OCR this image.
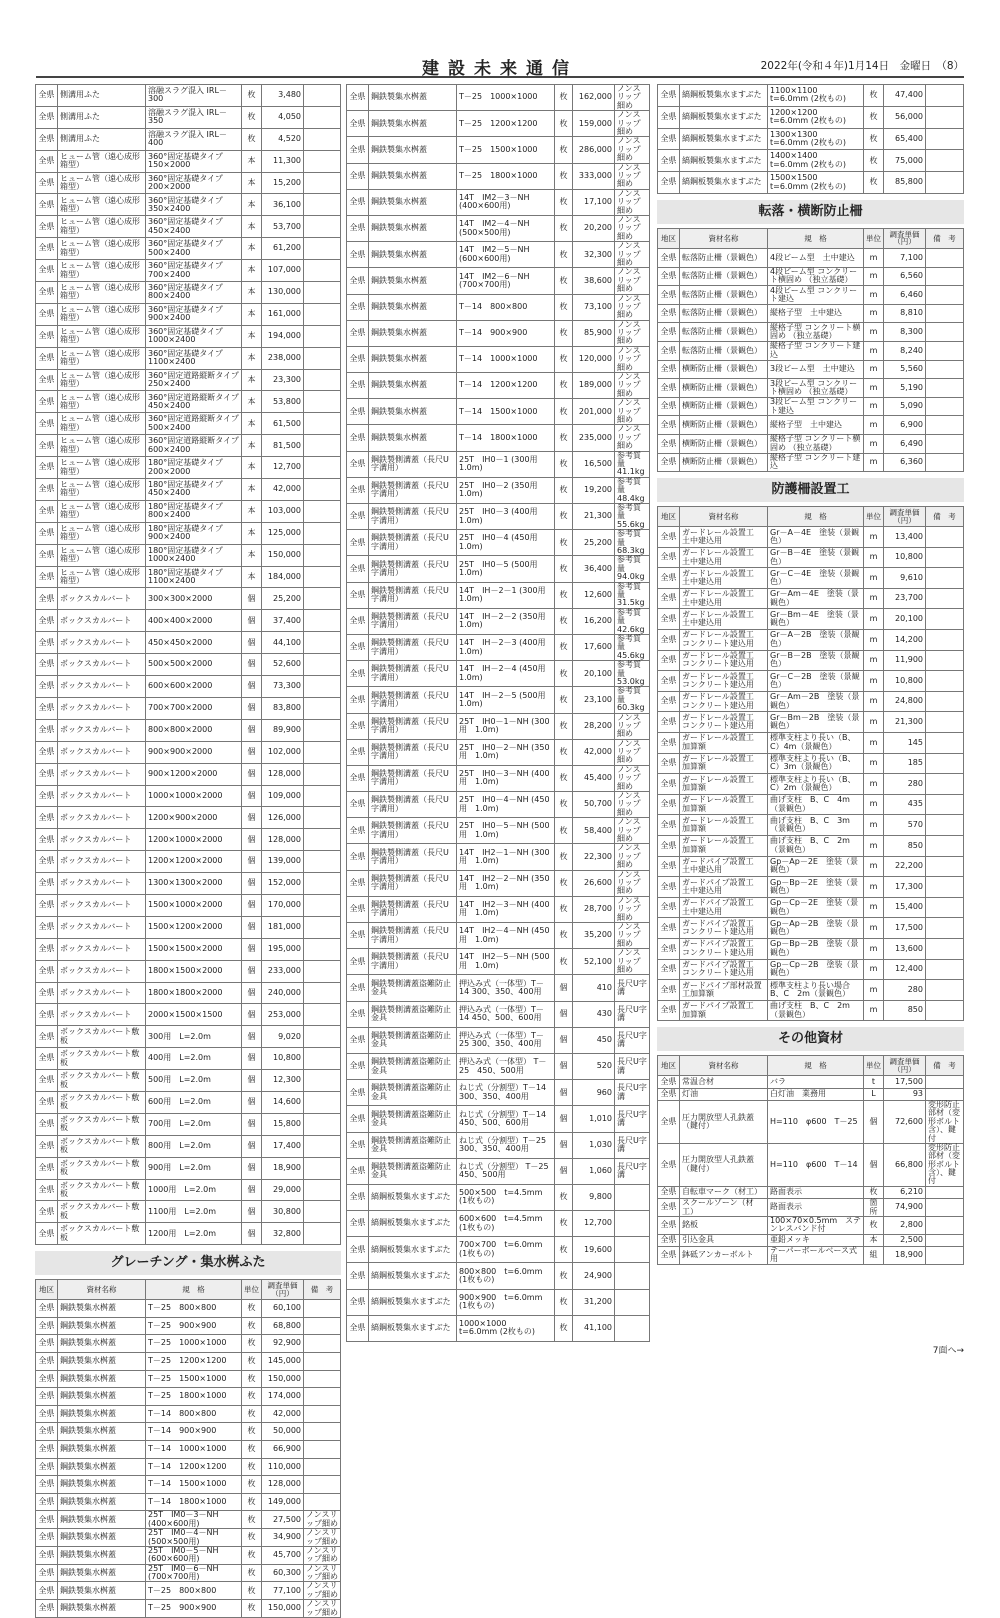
建設未来通信	2022年(令和４年)1月14日　金曜日　（8）
全県	側溝用ふた	溶融スラグ混入 IRL－300	枚	3,480	
全県	側溝用ふた	溶融スラグ混入 IRL－350	枚	4,050	
全県	側溝用ふた	溶融スラグ混入 IRL－400	枚	4,520	
全県	ヒューム管（遠心成形箱型）	360°固定基礎タイプ 150×2000	本	11,300	
全県	ヒューム管（遠心成形箱型）	360°固定基礎タイプ 200×2000	本	15,200	
全県	ヒューム管（遠心成形箱型）	360°固定基礎タイプ 350×2400	本	36,100	
全県	ヒューム管（遠心成形箱型）	360°固定基礎タイプ 450×2400	本	53,700	
全県	ヒューム管（遠心成形箱型）	360°固定基礎タイプ 500×2400	本	61,200	
全県	ヒューム管（遠心成形箱型）	360°固定基礎タイプ 700×2400	本	107,000	
全県	ヒューム管（遠心成形箱型）	360°固定基礎タイプ 800×2400	本	130,000	
全県	ヒューム管（遠心成形箱型）	360°固定基礎タイプ 900×2400	本	161,000	
全県	ヒューム管（遠心成形箱型）	360°固定基礎タイプ 1000×2400	本	194,000	
全県	ヒューム管（遠心成形箱型）	360°固定基礎タイプ 1100×2400	本	238,000	
全県	ヒューム管（遠心成形箱型）	360°固定道路縦断タイプ 250×2400	本	23,300	
全県	ヒューム管（遠心成形箱型）	360°固定道路縦断タイプ 450×2400	本	53,800	
全県	ヒューム管（遠心成形箱型）	360°固定道路縦断タイプ 500×2400	本	61,500	
全県	ヒューム管（遠心成形箱型）	360°固定道路縦断タイプ 600×2400	本	81,500	
全県	ヒューム管（遠心成形箱型）	180°固定基礎タイプ 200×2000	本	12,700	
全県	ヒューム管（遠心成形箱型）	180°固定基礎タイプ 450×2400	本	42,000	
全県	ヒューム管（遠心成形箱型）	180°固定基礎タイプ 800×2400	本	103,000	
全県	ヒューム管（遠心成形箱型）	180°固定基礎タイプ 900×2400	本	125,000	
全県	ヒューム管（遠心成形箱型）	180°固定基礎タイプ 1000×2400	本	150,000	
全県	ヒューム管（遠心成形箱型）	180°固定基礎タイプ 1100×2400	本	184,000	
全県	ボックスカルバート	300×300×2000	個	25,200	
全県	ボックスカルバート	400×400×2000	個	37,400	
全県	ボックスカルバート	450×450×2000	個	44,100	
全県	ボックスカルバート	500×500×2000	個	52,600	
全県	ボックスカルバート	600×600×2000	個	73,300	
全県	ボックスカルバート	700×700×2000	個	83,800	
全県	ボックスカルバート	800×800×2000	個	89,900	
全県	ボックスカルバート	900×900×2000	個	102,000	
全県	ボックスカルバート	900×1200×2000	個	128,000	
全県	ボックスカルバート	1000×1000×2000	個	109,000	
全県	ボックスカルバート	1200×900×2000	個	126,000	
全県	ボックスカルバート	1200×1000×2000	個	128,000	
全県	ボックスカルバート	1200×1200×2000	個	139,000	
全県	ボックスカルバート	1300×1300×2000	個	152,000	
全県	ボックスカルバート	1500×1000×2000	個	170,000	
全県	ボックスカルバート	1500×1200×2000	個	181,000	
全県	ボックスカルバート	1500×1500×2000	個	195,000	
全県	ボックスカルバート	1800×1500×2000	個	233,000	
全県	ボックスカルバート	1800×1800×2000	個	240,000	
全県	ボックスカルバート	2000×1500×1500	個	253,000	
全県	ボックスカルバート敷板	300用　L=2.0m	個	9,020	
全県	ボックスカルバート敷板	400用　L=2.0m	個	10,800	
全県	ボックスカルバート敷板	500用　L=2.0m	個	12,300	
全県	ボックスカルバート敷板	600用　L=2.0m	個	14,600	
全県	ボックスカルバート敷板	700用　L=2.0m	個	15,800	
全県	ボックスカルバート敷板	800用　L=2.0m	個	17,400	
全県	ボックスカルバート敷板	900用　L=2.0m	個	18,900	
全県	ボックスカルバート敷板	1000用　L=2.0m	個	29,000	
全県	ボックスカルバート敷板	1100用　L=2.0m	個	30,800	
全県	ボックスカルバート敷板	1200用　L=2.0m	個	32,800	
グレーチング・集水桝ふた
地区	資材名称	規　格	単位	調査単価（円）	備　考
全県	鋼鉄製集水桝蓋	T－25　800×800	枚	60,100	
全県	鋼鉄製集水桝蓋	T－25　900×900	枚	68,800	
全県	鋼鉄製集水桝蓋	T－25　1000×1000	枚	92,900	
全県	鋼鉄製集水桝蓋	T－25　1200×1200	枚	145,000	
全県	鋼鉄製集水桝蓋	T－25　1500×1000	枚	150,000	
全県	鋼鉄製集水桝蓋	T－25　1800×1000	枚	174,000	
全県	鋼鉄製集水桝蓋	T－14　800×800	枚	42,000	
全県	鋼鉄製集水桝蓋	T－14　900×900	枚	50,000	
全県	鋼鉄製集水桝蓋	T－14　1000×1000	枚	66,900	
全県	鋼鉄製集水桝蓋	T－14　1200×1200	枚	110,000	
全県	鋼鉄製集水桝蓋	T－14　1500×1000	枚	128,000	
全県	鋼鉄製集水桝蓋	T－14　1800×1000	枚	149,000	
全県	鋼鉄製集水桝蓋	25T　IM0－3－NH (400×600用)	枚	27,500	ノンスリップ細め
全県	鋼鉄製集水桝蓋	25T　IM0－4－NH (500×500用)	枚	34,900	ノンスリップ細め
全県	鋼鉄製集水桝蓋	25T　IM0－5－NH (600×600用)	枚	45,700	ノンスリップ細め
全県	鋼鉄製集水桝蓋	25T　IM0－6－NH (700×700用)	枚	60,300	ノンスリップ細め
全県	鋼鉄製集水桝蓋	T－25　800×800	枚	77,100	ノンスリップ細め
全県	鋼鉄製集水桝蓋	T－25　900×900	枚	150,000	ノンスリップ細め
全県	鋼鉄製集水桝蓋	T－25　1000×1000	枚	162,000	ノンスリップ細め
全県	鋼鉄製集水桝蓋	T－25　1200×1200	枚	159,000	ノンスリップ細め
全県	鋼鉄製集水桝蓋	T－25　1500×1000	枚	286,000	ノンスリップ細め
全県	鋼鉄製集水桝蓋	T－25　1800×1000	枚	333,000	ノンスリップ細め
全県	鋼鉄製集水桝蓋	14T　IM2－3－NH (400×600用)	枚	17,100	ノンスリップ細め
全県	鋼鉄製集水桝蓋	14T　IM2－4－NH (500×500用)	枚	20,200	ノンスリップ細め
全県	鋼鉄製集水桝蓋	14T　IM2－5－NH (600×600用)	枚	32,300	ノンスリップ細め
全県	鋼鉄製集水桝蓋	14T　IM2－6－NH (700×700用)	枚	38,600	ノンスリップ細め
全県	鋼鉄製集水桝蓋	T－14　800×800	枚	73,100	ノンスリップ細め
全県	鋼鉄製集水桝蓋	T－14　900×900	枚	85,900	ノンスリップ細め
全県	鋼鉄製集水桝蓋	T－14　1000×1000	枚	120,000	ノンスリップ細め
全県	鋼鉄製集水桝蓋	T－14　1200×1200	枚	189,000	ノンスリップ細め
全県	鋼鉄製集水桝蓋	T－14　1500×1000	枚	201,000	ノンスリップ細め
全県	鋼鉄製集水桝蓋	T－14　1800×1000	枚	235,000	ノンスリップ細め
全県	鋼鉄製側溝蓋（長尺U字溝用）	25T　IH0－1 (300用　1.0m)	枚	16,500	参考質量 41.1kg
全県	鋼鉄製側溝蓋（長尺U字溝用）	25T　IH0－2 (350用　1.0m)	枚	19,200	参考質量 48.4kg
全県	鋼鉄製側溝蓋（長尺U字溝用）	25T　IH0－3 (400用　1.0m)	枚	21,300	参考質量 55.6kg
全県	鋼鉄製側溝蓋（長尺U字溝用）	25T　IH0－4 (450用　1.0m)	枚	25,200	参考質量 68.3kg
全県	鋼鉄製側溝蓋（長尺U字溝用）	25T　IH0－5 (500用　1.0m)	枚	36,400	参考質量 94.0kg
全県	鋼鉄製側溝蓋（長尺U字溝用）	14T　IH－2－1 (300用　1.0m)	枚	12,600	参考質量 31.5kg
全県	鋼鉄製側溝蓋（長尺U字溝用）	14T　IH－2－2 (350用　1.0m)	枚	16,200	参考質量 42.6kg
全県	鋼鉄製側溝蓋（長尺U字溝用）	14T　IH－2－3 (400用　1.0m)	枚	17,600	参考質量 45.6kg
全県	鋼鉄製側溝蓋（長尺U字溝用）	14T　IH－2－4 (450用　1.0m)	枚	20,100	参考質量 53.0kg
全県	鋼鉄製側溝蓋（長尺U字溝用）	14T　IH－2－5 (500用　1.0m)	枚	23,100	参考質量 60.3kg
全県	鋼鉄製側溝蓋（長尺U字溝用）	25T　IH0－1－NH (300用　1.0m)	枚	28,200	ノンスリップ細め
全県	鋼鉄製側溝蓋（長尺U字溝用）	25T　IH0－2－NH (350用　1.0m)	枚	42,000	ノンスリップ細め
全県	鋼鉄製側溝蓋（長尺U字溝用）	25T　IH0－3－NH (400用　1.0m)	枚	45,400	ノンスリップ細め
全県	鋼鉄製側溝蓋（長尺U字溝用）	25T　IH0－4－NH (450用　1.0m)	枚	50,700	ノンスリップ細め
全県	鋼鉄製側溝蓋（長尺U字溝用）	25T　IH0－5－NH (500用　1.0m)	枚	58,400	ノンスリップ細め
全県	鋼鉄製側溝蓋（長尺U字溝用）	14T　IH2－1－NH (300用　1.0m)	枚	22,300	ノンスリップ細め
全県	鋼鉄製側溝蓋（長尺U字溝用）	14T　IH2－2－NH (350用　1.0m)	枚	26,600	ノンスリップ細め
全県	鋼鉄製側溝蓋（長尺U字溝用）	14T　IH2－3－NH (400用　1.0m)	枚	28,700	ノンスリップ細め
全県	鋼鉄製側溝蓋（長尺U字溝用）	14T　IH2－4－NH (450用　1.0m)	枚	35,200	ノンスリップ細め
全県	鋼鉄製側溝蓋（長尺U字溝用）	14T　IH2－5－NH (500用　1.0m)	枚	52,100	ノンスリップ細め
全県	鋼鉄製側溝蓋盗難防止金具	押込み式（一体型）T－14 300、350、400用	個	410	長尺U字溝
全県	鋼鉄製側溝蓋盗難防止金具	押込み式（一体型）T－14 450、500、600用	個	430	長尺U字溝
全県	鋼鉄製側溝蓋盗難防止金具	押込み式（一体型）T－25 300、350、400用	個	450	長尺U字溝
全県	鋼鉄製側溝蓋盗難防止金具	押込み式（一体型） T－25　450、500用	個	520	長尺U字溝
全県	鋼鉄製側溝蓋盗難防止金具	ねじ式（分割型）T－14 300、350、400用	個	960	長尺U字溝
全県	鋼鉄製側溝蓋盗難防止金具	ねじ式（分割型）T－14 450、500、600用	個	1,010	長尺U字溝
全県	鋼鉄製側溝蓋盗難防止金具	ねじ式（分割型）T－25 300、350、400用	個	1,030	長尺U字溝
全県	鋼鉄製側溝蓋盗難防止金具	ねじ式（分割型） T－25　450、500用	個	1,060	長尺U字溝
全県	縞鋼板製集水ますぶた	500×500　t=4.5mm (1枚もの)	枚	9,800	
全県	縞鋼板製集水ますぶた	600×600　t=4.5mm (1枚もの)	枚	12,700	
全県	縞鋼板製集水ますぶた	700×700　t=6.0mm (1枚もの)	枚	19,600	
全県	縞鋼板製集水ますぶた	800×800　t=6.0mm (1枚もの)	枚	24,900	
全県	縞鋼板製集水ますぶた	900×900　t=6.0mm (1枚もの)	枚	31,200	
全県	縞鋼板製集水ますぶた	1000×1000　t=6.0mm (2枚もの)	枚	41,100	
全県	縞鋼板製集水ますぶた	1100×1100　t=6.0mm (2枚もの)	枚	47,400	
全県	縞鋼板製集水ますぶた	1200×1200　t=6.0mm (2枚もの)	枚	56,000	
全県	縞鋼板製集水ますぶた	1300×1300　t=6.0mm (2枚もの)	枚	65,400	
全県	縞鋼板製集水ますぶた	1400×1400　t=6.0mm (2枚もの)	枚	75,000	
全県	縞鋼板製集水ますぶた	1500×1500　t=6.0mm (2枚もの)	枚	85,800	
転落・横断防止柵
地区	資材名称	規　格	単位	調査単価（円）	備　考
全県	転落防止柵（景観色）	4段ビーム型　土中建込	m	7,100	
全県	転落防止柵（景観色）	4段ビーム型 コンクリート横固め （独立基礎）	m	6,560	
全県	転落防止柵（景観色）	4段ビーム型 コンクリート建込	m	6,460	
全県	転落防止柵（景観色）	縦格子型　土中建込	m	8,810	
全県	転落防止柵（景観色）	縦格子型 コンクリート横固め （独立基礎）	m	8,300	
全県	転落防止柵（景観色）	縦格子型 コンクリート建込	m	8,240	
全県	横断防止柵（景観色）	3段ビーム型　土中建込	m	5,560	
全県	横断防止柵（景観色）	3段ビーム型 コンクリート横固め （独立基礎）	m	5,190	
全県	横断防止柵（景観色）	3段ビーム型 コンクリート建込	m	5,090	
全県	横断防止柵（景観色）	縦格子型　土中建込	m	6,900	
全県	横断防止柵（景観色）	縦格子型 コンクリート横固め （独立基礎）	m	6,490	
全県	横断防止柵（景観色）	縦格子型 コンクリート建込	m	6,360	
防護柵設置工
地区	資材名称	規　格	単位	調査単価（円）	備　考
全県	ガードレール設置工　土中建込用	Gr－A－4E　塗装（景観色）	m	13,400	
全県	ガードレール設置工　土中建込用	Gr－B－4E　塗装（景観色）	m	10,800	
全県	ガードレール設置工　土中建込用	Gr－C－4E　塗装（景観色）	m	9,610	
全県	ガードレール設置工　土中建込用	Gr－Am－4E　塗装（景観色）	m	23,700	
全県	ガードレール設置工　土中建込用	Gr－Bm－4E　塗装（景観色）	m	20,100	
全県	ガードレール設置工　コンクリート建込用	Gr－A－2B　塗装（景観色）	m	14,200	
全県	ガードレール設置工　コンクリート建込用	Gr－B－2B　塗装（景観色）	m	11,900	
全県	ガードレール設置工　コンクリート建込用	Gr－C－2B　塗装（景観色）	m	10,800	
全県	ガードレール設置工　コンクリート建込用	Gr－Am－2B　塗装（景観色）	m	24,800	
全県	ガードレール設置工　コンクリート建込用	Gr－Bm－2B　塗装（景観色）	m	21,300	
全県	ガードレール設置工　加算額	標準支柱より長い（B、C）4m（景観色）	m	145	
全県	ガードレール設置工　加算額	標準支柱より長い（B、C）3m（景観色）	m	185	
全県	ガードレール設置工　加算額	標準支柱より長い（B、C）2m（景観色）	m	280	
全県	ガードレール設置工　加算額	曲げ支柱　B、C　4m（景観色）	m	435	
全県	ガードレール設置工　加算額	曲げ支柱　B、C　3m（景観色）	m	570	
全県	ガードレール設置工　加算額	曲げ支柱　B、C　2m（景観色）	m	850	
全県	ガードパイプ設置工　土中建込用	Gp－Ap－2E　塗装（景観色）	m	22,200	
全県	ガードパイプ設置工　土中建込用	Gp－Bp－2E　塗装（景観色）	m	17,300	
全県	ガードパイプ設置工　土中建込用	Gp－Cp－2E　塗装（景観色）	m	15,400	
全県	ガードパイプ設置工　コンクリート建込用	Gp－Ap－2B　塗装（景観色）	m	17,500	
全県	ガードパイプ設置工　コンクリート建込用	Gp－Bp－2B　塗装（景観色）	m	13,600	
全県	ガードパイプ設置工　コンクリート建込用	Gp－Cp－2B　塗装（景観色）	m	12,400	
全県	ガードパイプ部材設置工加算額	標準支柱より長い場合 B、C　2m（景観色）	m	280	
全県	ガードパイプ設置工　加算額	曲げ支柱　B、C　2m（景観色）	m	850	
その他資材
地区	資材名称	規　格	単位	調査単価（円）	備　考
全県	常温合材	バラ	t	17,500	
全県	灯油	白灯油　業務用	L	93	
全県	圧力開放型人孔鉄蓋（鍵付）	H=110　φ600　T－25	個	72,600	変形防止部材（変形ボルト含）、鍵付
全県	圧力開放型人孔鉄蓋（鍵付）	H=110　φ600　T－14	個	66,800	変形防止部材（変形ボルト含）、鍵付
全県	自転車マーク（材工）	路面表示	枚	6,210	
全県	スクールゾーン（材工）	路面表示	箇所	74,900	
全県	銘板	100×70×0.5mm　ステンレスバンド付	枚	2,800	
全県	引込金具	亜鉛メッキ	本	2,500	
全県	鉢砥アンカーボルト	テーパーボールベース式用	組	18,900	
7面へ→
